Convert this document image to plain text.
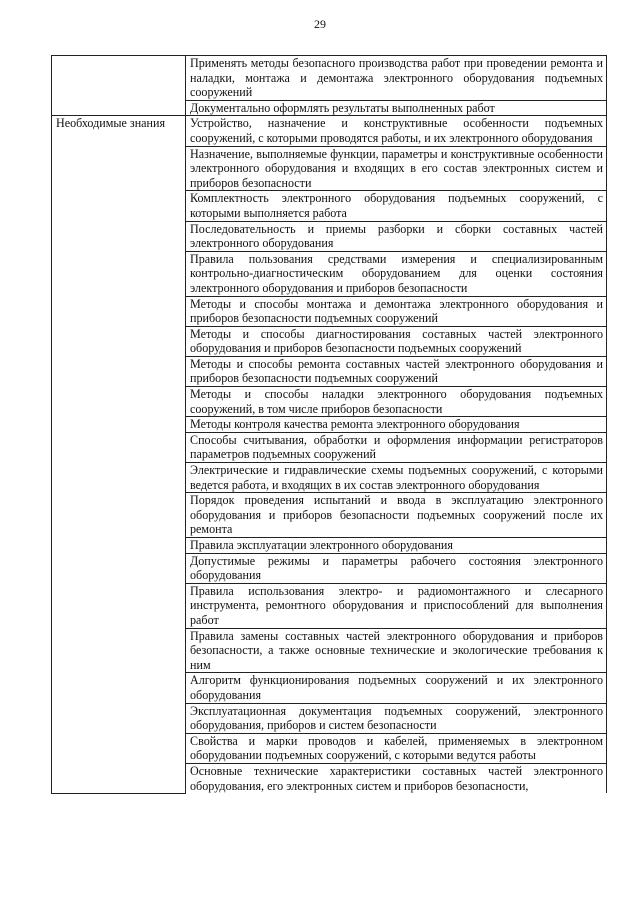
29
	Применять методы безопасного производства работ при проведении ремонта и наладки, монтажа и демонтажа электронного оборудования подъемных сооружений
	Документально оформлять результаты выполненных работ
Необходимые знания	Устройство, назначение и конструктивные особенности подъемных сооружений, с которыми проводятся работы, и их электронного оборудования
	Назначение, выполняемые функции, параметры и конструктивные особенности электронного оборудования и входящих в его состав электронных систем и приборов безопасности
	Комплектность электронного оборудования подъемных сооружений, с которыми выполняется работа
	Последовательность и приемы разборки и сборки составных частей электронного оборудования
	Правила пользования средствами измерения и специализированным контрольно-диагностическим оборудованием для оценки состояния электронного оборудования и приборов безопасности
	Методы и способы монтажа и демонтажа электронного оборудования и приборов безопасности подъемных сооружений
	Методы и способы диагностирования составных частей электронного оборудования и приборов безопасности подъемных сооружений
	Методы и способы ремонта составных частей электронного оборудования и приборов безопасности подъемных сооружений
	Методы и способы наладки электронного оборудования подъемных сооружений, в том числе приборов безопасности
	Методы контроля качества ремонта электронного оборудования
	Способы считывания, обработки и оформления информации регистраторов параметров подъемных сооружений
	Электрические и гидравлические схемы подъемных сооружений, с которыми ведется работа, и входящих в их состав электронного оборудования
	Порядок проведения испытаний и ввода в эксплуатацию электронного оборудования и приборов безопасности подъемных сооружений после их ремонта
	Правила эксплуатации электронного оборудования
	Допустимые режимы и параметры рабочего состояния электронного оборудования
	Правила использования электро- и радиомонтажного и слесарного инструмента, ремонтного оборудования и приспособлений для выполнения работ
	Правила замены составных частей электронного оборудования и приборов безопасности, а также основные технические и экологические требования к ним
	Алгоритм функционирования подъемных сооружений и их электронного оборудования
	Эксплуатационная документация подъемных сооружений, электронного оборудования, приборов и систем безопасности
	Свойства и марки проводов и кабелей, применяемых в электронном оборудовании подъемных сооружений, с которыми ведутся работы
	Основные технические характеристики составных частей электронного оборудования, его электронных систем и приборов безопасности,
